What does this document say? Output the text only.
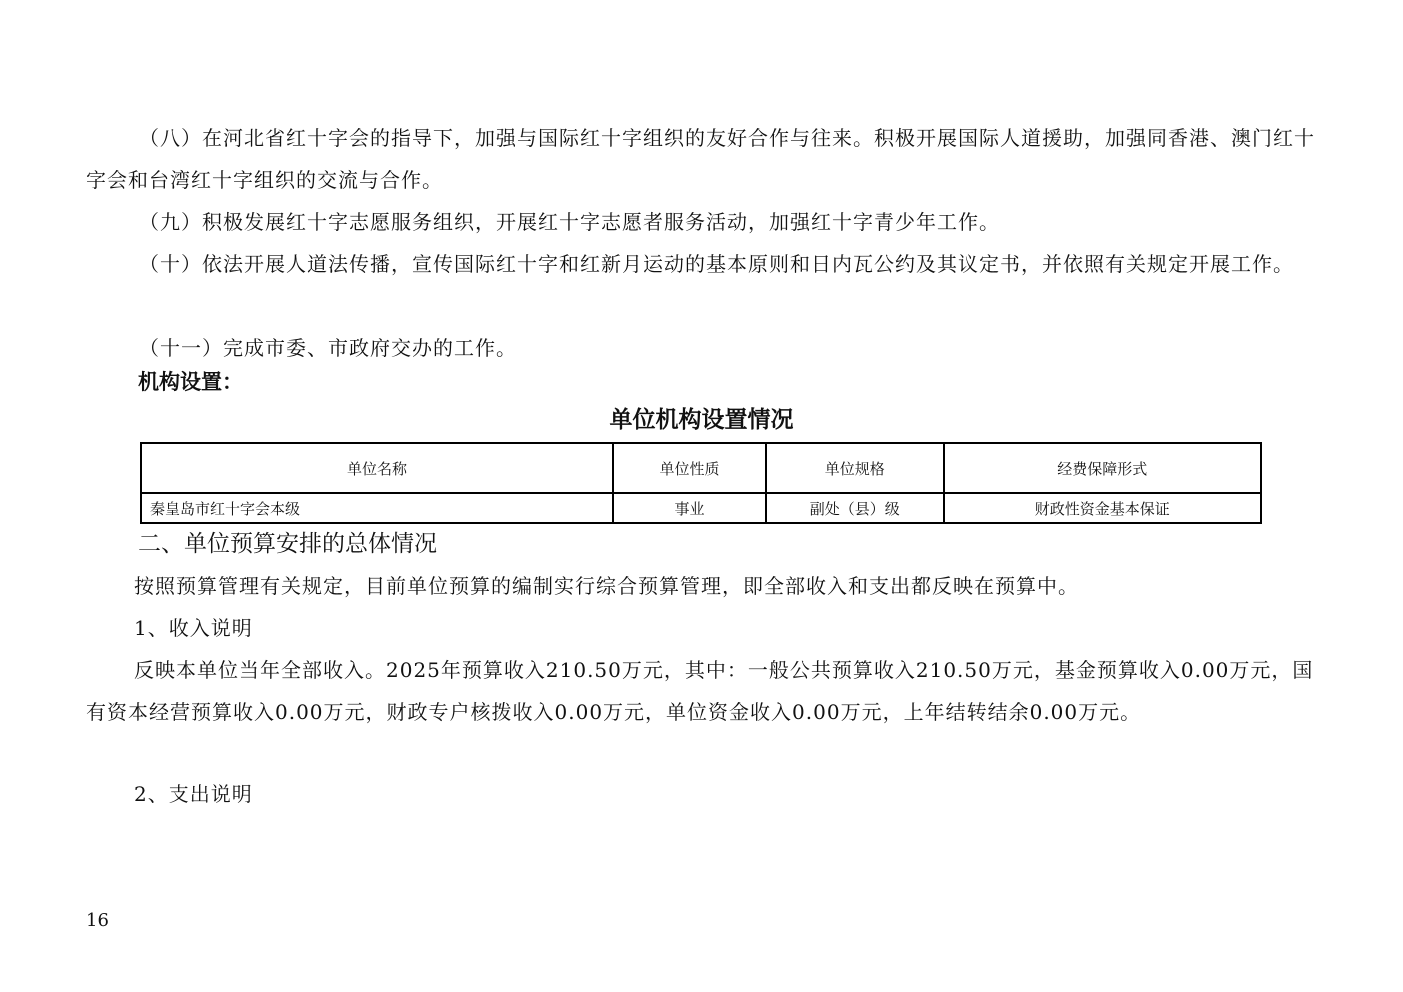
（八）在河北省红十字会的指导下，加强与国际红十字组织的友好合作与往来。积极开展国际人道援助，加强同香港、澳门红十字会和台湾红十字组织的交流与合作。
（九）积极发展红十字志愿服务组织，开展红十字志愿者服务活动，加强红十字青少年工作。
（十）依法开展人道法传播，宣传国际红十字和红新月运动的基本原则和日内瓦公约及其议定书，并依照有关规定开展工作。
（十一）完成市委、市政府交办的工作。
机构设置：
单位机构设置情况
单位名称	单位性质	单位规格	经费保障形式
秦皇岛市红十字会本级	事业	副处（县）级	财政性资金基本保证
二、单位预算安排的总体情况
按照预算管理有关规定，目前单位预算的编制实行综合预算管理，即全部收入和支出都反映在预算中。
1、收入说明
反映本单位当年全部收入。2025年预算收入210.50万元，其中：一般公共预算收入210.50万元，基金预算收入0.00万元，国有资本经营预算收入0.00万元，财政专户核拨收入0.00万元，单位资金收入0.00万元，上年结转结余0.00万元。
2、支出说明
16
